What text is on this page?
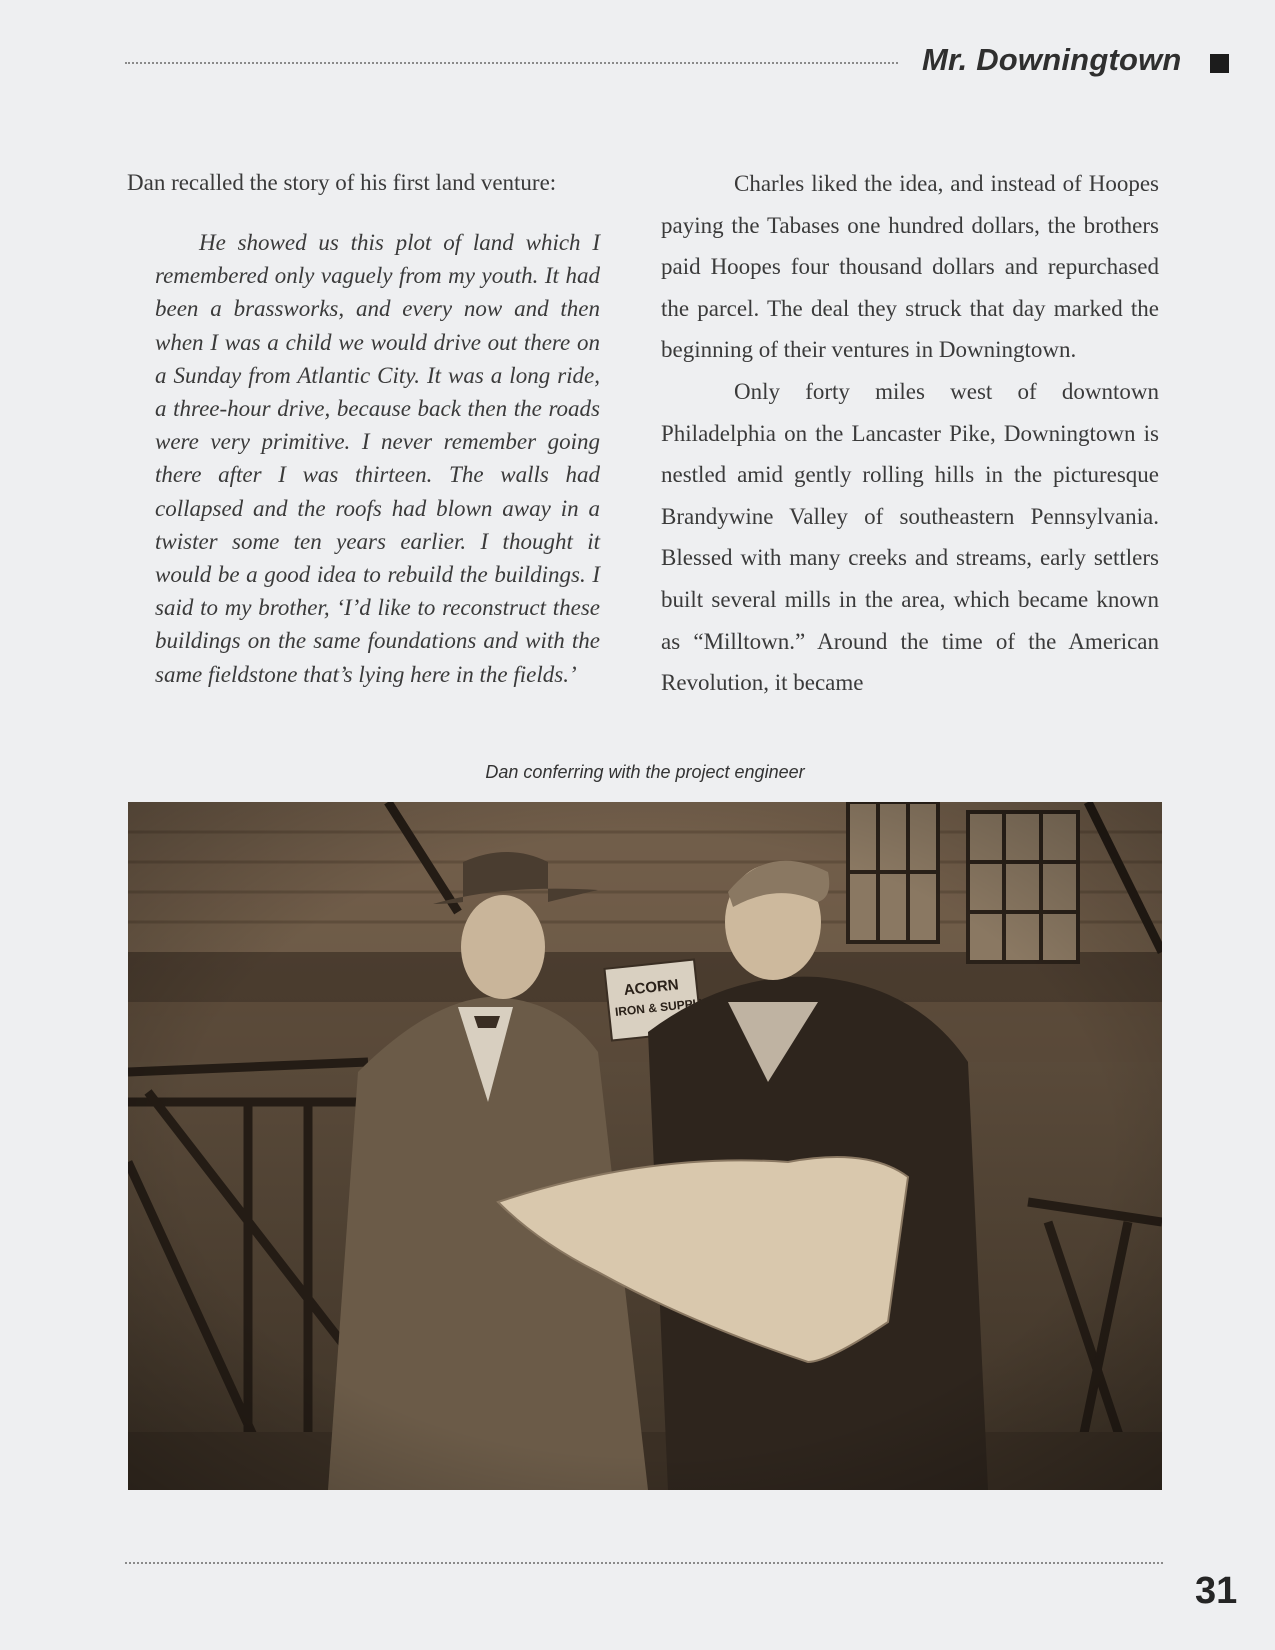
Mr. Downingtown

Dan recalled the story of his first land venture:

He showed us this plot of land which I remembered only vaguely from my youth. It had been a brassworks, and every now and then when I was a child we would drive out there on a Sunday from Atlantic City. It was a long ride, a three-hour drive, because back then the roads were very primitive. I never remember going there after I was thirteen. The walls had collapsed and the roofs had blown away in a twister some ten years earlier. I thought it would be a good idea to rebuild the buildings. I said to my brother, ‘I’d like to reconstruct these buildings on the same foundations and with the same fieldstone that’s lying here in the fields.’

Charles liked the idea, and instead of Hoopes paying the Tabases one hundred dollars, the brothers paid Hoopes four thousand dollars and repurchased the parcel. The deal they struck that day marked the beginning of their ventures in Downingtown.

Only forty miles west of downtown Philadelphia on the Lancaster Pike, Downingtown is nestled amid gently rolling hills in the picturesque Brandywine Valley of southeastern Pennsylvania. Blessed with many creeks and streams, early settlers built several mills in the area, which became known as “Milltown.” Around the time of the American Revolution, it became

Dan conferring with the project engineer
31
